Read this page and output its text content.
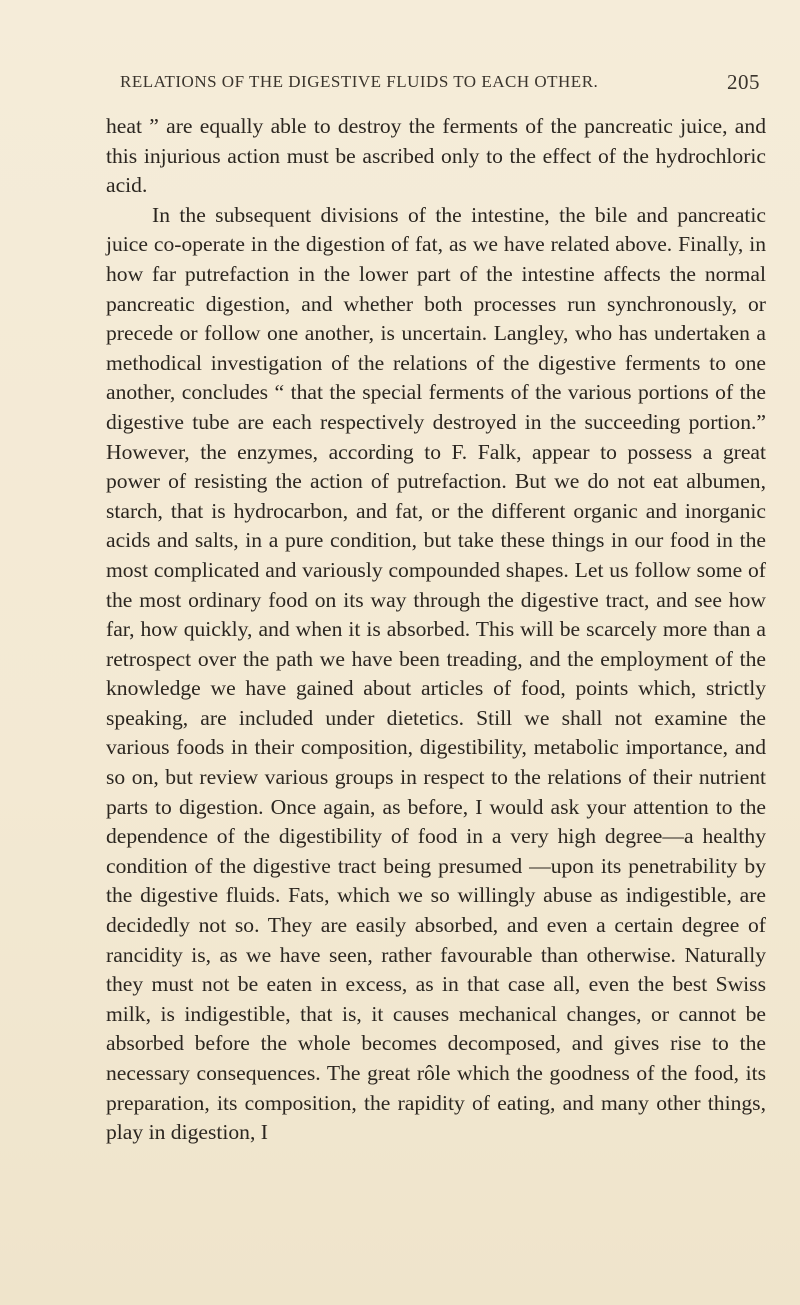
RELATIONS OF THE DIGESTIVE FLUIDS TO EACH OTHER.	205

heat ” are equally able to destroy the ferments of the pancreatic juice, and this injurious action must be ascribed only to the effect of the hydrochloric acid.

In the subsequent divisions of the intestine, the bile and pancreatic juice co-operate in the digestion of fat, as we have related above. Finally, in how far putrefaction in the lower part of the intestine affects the normal pancreatic digestion, and whether both processes run synchronously, or precede or follow one another, is uncertain. Langley, who has undertaken a methodical investigation of the relations of the digestive ferments to one another, concludes “ that the special ferments of the various portions of the digestive tube are each respectively destroyed in the succeeding portion.” However, the enzymes, according to F. Falk, appear to possess a great power of resisting the action of putrefaction. But we do not eat albumen, starch, that is hydrocarbon, and fat, or the different organic and inorganic acids and salts, in a pure condition, but take these things in our food in the most complicated and variously compounded shapes. Let us follow some of the most ordinary food on its way through the digestive tract, and see how far, how quickly, and when it is absorbed. This will be scarcely more than a retrospect over the path we have been treading, and the employment of the knowledge we have gained about articles of food, points which, strictly speaking, are included under dietetics. Still we shall not examine the various foods in their composition, digestibility, metabolic importance, and so on, but review various groups in respect to the relations of their nutrient parts to digestion. Once again, as before, I would ask your attention to the dependence of the digestibility of food in a very high degree—a healthy condition of the digestive tract being presumed —upon its penetrability by the digestive fluids. Fats, which we so willingly abuse as indigestible, are decidedly not so. They are easily absorbed, and even a certain degree of rancidity is, as we have seen, rather favourable than otherwise. Naturally they must not be eaten in excess, as in that case all, even the best Swiss milk, is indigestible, that is, it causes mechanical changes, or cannot be absorbed before the whole becomes decomposed, and gives rise to the necessary consequences. The great rôle which the goodness of the food, its preparation, its composition, the rapidity of eating, and many other things, play in digestion, I
